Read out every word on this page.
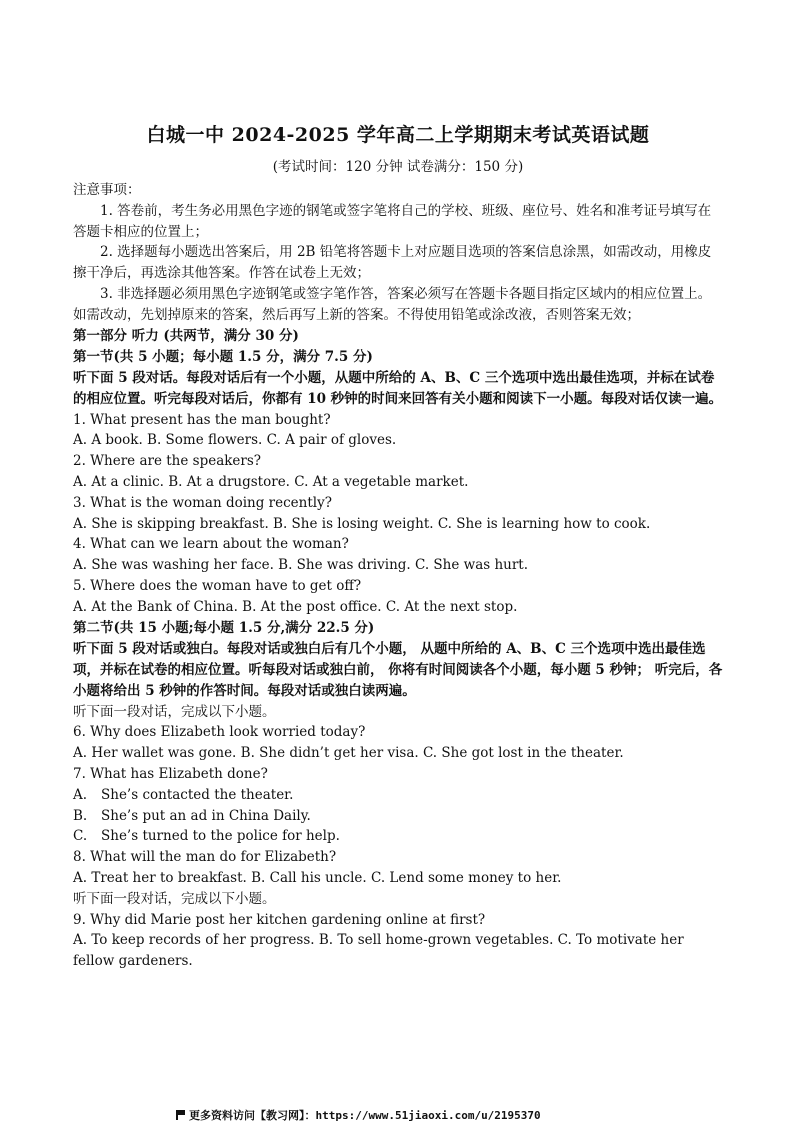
白城一中 2024-2025 学年高二上学期期末考试英语试题
(考试时间：120 分钟 试卷满分：150 分)

注意事项：

1. 答卷前，考生务必用黑色字迹的钢笔或签字笔将自己的学校、班级、座位号、姓名和准考证号填写在答题卡相应的位置上；

2. 选择题每小题选出答案后，用 2B 铅笔将答题卡上对应题目选项的答案信息涂黑，如需改动，用橡皮擦干净后，再选涂其他答案。作答在试卷上无效；

3. 非选择题必须用黑色字迹钢笔或签字笔作答，答案必须写在答题卡各题目指定区域内的相应位置上。如需改动，先划掉原来的答案，然后再写上新的答案。不得使用铅笔或涂改液，否则答案无效；

第一部分 听力 (共两节，满分 30 分)

第一节(共 5 小题；每小题 1.5 分，满分 7.5 分)

听下面 5 段对话。每段对话后有一个小题，从题中所给的 A、B、C 三个选项中选出最佳选项，并标在试卷的相应位置。听完每段对话后，你都有 10 秒钟的时间来回答有关小题和阅读下一小题。每段对话仅读一遍。

1. What present has the man bought?

A. A book. B. Some flowers. C. A pair of gloves.

2. Where are the speakers?

A. At a clinic. B. At a drugstore. C. At a vegetable market.

3. What is the woman doing recently?

A. She is skipping breakfast. B. She is losing weight. C. She is learning how to cook.

4. What can we learn about the woman?

A. She was washing her face. B. She was driving. C. She was hurt.

5. Where does the woman have to get off?

A. At the Bank of China. B. At the post office. C. At the next stop.

第二节(共 15 小题;每小题 1.5 分,满分 22.5 分)

听下面 5 段对话或独白。每段对话或独白后有几个小题， 从题中所给的 A、B、C 三个选项中选出最佳选项，并标在试卷的相应位置。听每段对话或独白前， 你将有时间阅读各个小题，每小题 5 秒钟； 听完后，各小题将给出 5 秒钟的作答时间。每段对话或独白读两遍。

听下面一段对话，完成以下小题。

6. Why does Elizabeth look worried today?

A. Her wallet was gone. B. She didn’t get her visa. C. She got lost in the theater.

7. What has Elizabeth done?

A. She’s contacted the theater.

B. She’s put an ad in China Daily.

C. She’s turned to the police for help.

8. What will the man do for Elizabeth?

A. Treat her to breakfast. B. Call his uncle. C. Lend some money to her.

听下面一段对话，完成以下小题。

9. Why did Marie post her kitchen gardening online at first?

A. To keep records of her progress. B. To sell home-grown vegetables. C. To motivate her fellow gardeners.

更多资料访问【教习网】：https://www.51jiaoxi.com/u/2195370
